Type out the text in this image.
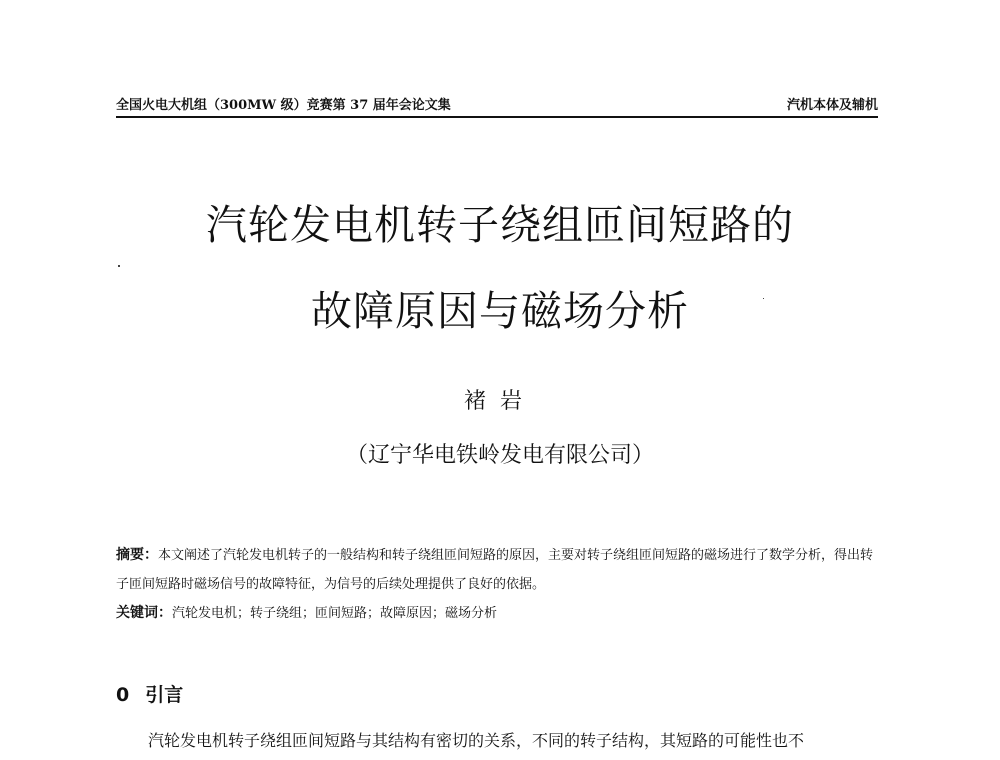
全国火电大机组（300MW 级）竞赛第 37 届年会论文集	汽机本体及辅机
汽轮发电机转子绕组匝间短路的
故障原因与磁场分析
褚岩
（辽宁华电铁岭发电有限公司）

摘要：本文阐述了汽轮发电机转子的一般结构和转子绕组匝间短路的原因，主要对转子绕组匝间短路的磁场进行了数学分析，得出转子匝间短路时磁场信号的故障特征，为信号的后续处理提供了良好的依据。

关键词：汽轮发电机；转子绕组；匝间短路；故障原因；磁场分析

0 引言
汽轮发电机转子绕组匝间短路与其结构有密切的关系，不同的转子结构，其短路的可能性也不
